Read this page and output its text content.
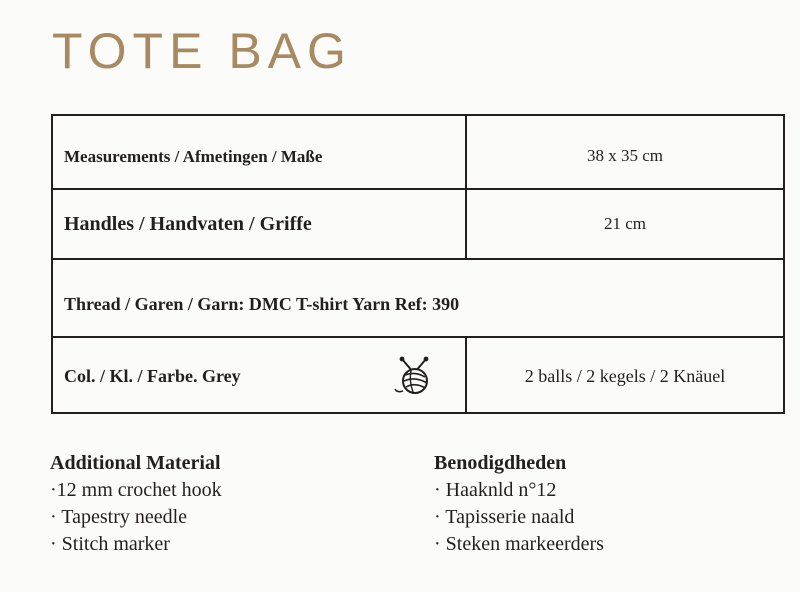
TOTE BAG
Measurements / Afmetingen / Maße	38 x 35 cm
Handles / Handvaten / Griffe	21 cm
Thread / Garen / Garn: DMC T-shirt Yarn Ref: 390
Col. / Kl. / Farbe. Grey	2 balls / 2 kegels / 2 Knäuel
Additional Material
·12 mm crochet hook
· Tapestry needle
· Stitch marker
Benodigdheden
· Haaknld n°12
· Tapisserie naald
· Steken markeerders
